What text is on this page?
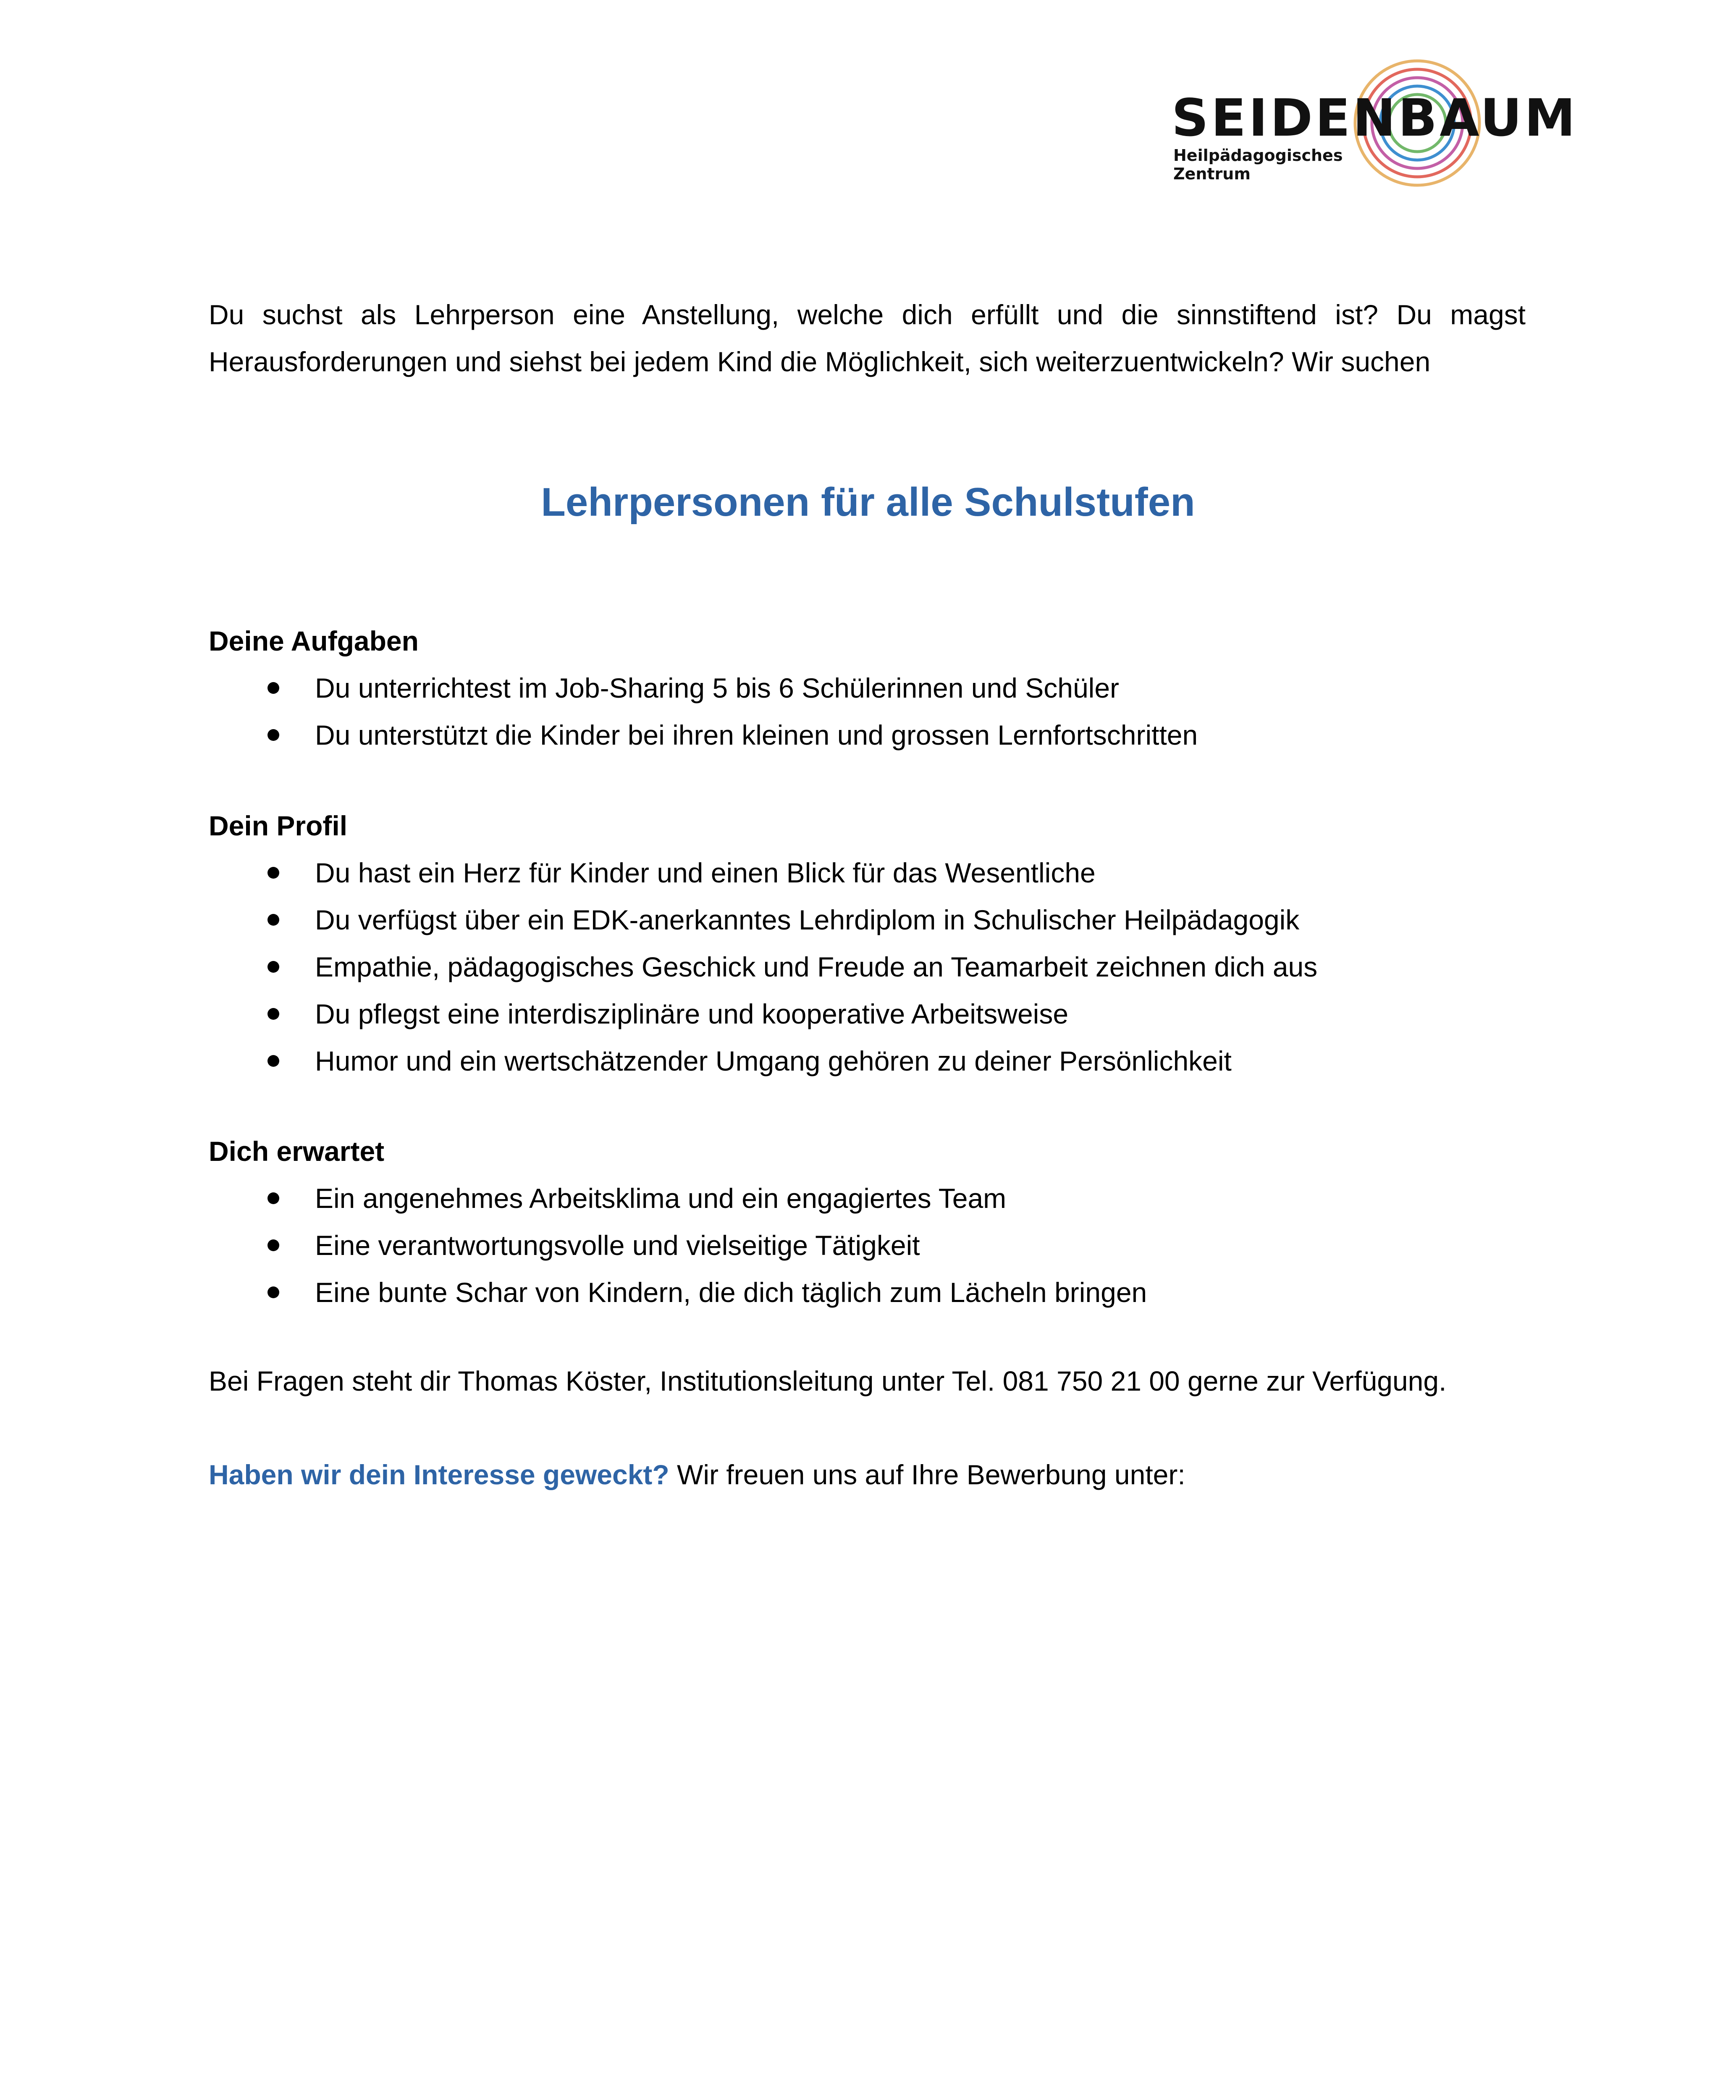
SEIDENBAUM
Heilpädagogisches
Zentrum

Du suchst als Lehrperson eine Anstellung, welche dich erfüllt und die sinnstiftend ist? Du magst

Herausforderungen und siehst bei jedem Kind die Möglichkeit, sich weiterzuentwickeln? Wir suchen

Lehrpersonen für alle Schulstufen
Deine Aufgaben
Du unterrichtest im Job-Sharing 5 bis 6 Schülerinnen und Schüler
Du unterstützt die Kinder bei ihren kleinen und grossen Lernfortschritten
Dein Profil
Du hast ein Herz für Kinder und einen Blick für das Wesentliche
Du verfügst über ein EDK-anerkanntes Lehrdiplom in Schulischer Heilpädagogik
Empathie, pädagogisches Geschick und Freude an Teamarbeit zeichnen dich aus
Du pflegst eine interdisziplinäre und kooperative Arbeitsweise
Humor und ein wertschätzender Umgang gehören zu deiner Persönlichkeit
Dich erwartet
Ein angenehmes Arbeitsklima und ein engagiertes Team
Eine verantwortungsvolle und vielseitige Tätigkeit
Eine bunte Schar von Kindern, die dich täglich zum Lächeln bringen
Bei Fragen steht dir Thomas Köster, Institutionsleitung unter Tel. 081 750 21 00 gerne zur Verfügung.
Haben wir dein Interesse geweckt? Wir freuen uns auf Ihre Bewerbung unter:
